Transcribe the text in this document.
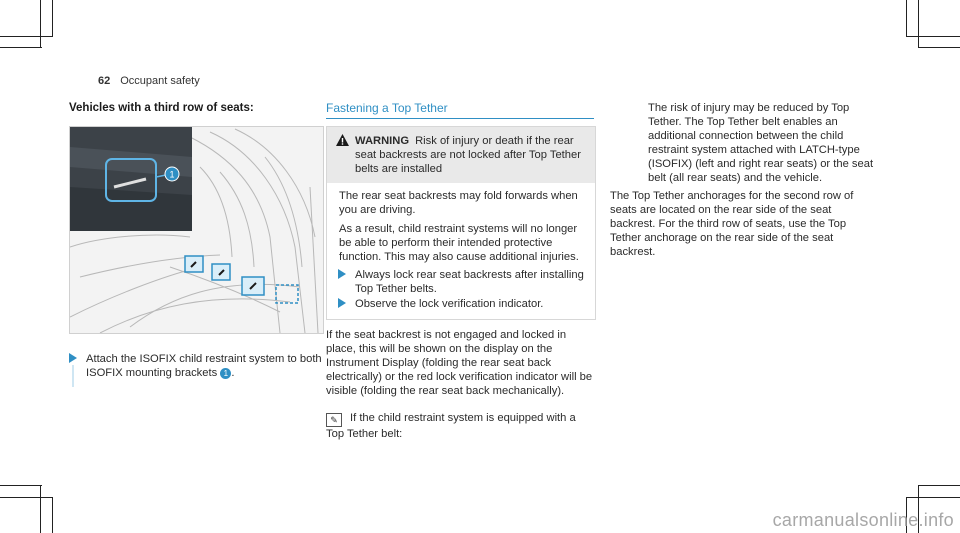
62 Occupant safety
Vehicles with a third row of seats:
1
Attach the ISOFIX child restraint system to both ISOFIX mounting brackets 1 .
Fastening a Top Tether
WARNING Risk of injury or death if the rear seat backrests are not locked after Top Tether belts are installed

The rear seat backrests may fold forwards when you are driving.

As a result, child restraint systems will no longer be able to perform their intended protective function. This may also cause additional injuries.

Always lock rear seat backrests after installing Top Tether belts.
Observe the lock verification indicator.

If the seat backrest is not engaged and locked in place, this will be shown on the display on the Instrument Display (folding the rear seat back electrically) or the red lock verification indicator will be visible (folding the rear seat back mechanically).

✎ If the child restraint system is equipped with a Top Tether belt:

The risk of injury may be reduced by Top Tether. The Top Tether belt enables an additional connection between the child restraint system attached with LATCH-type (ISOFIX) (left and right rear seats) or the seat belt (all rear seats) and the vehicle.

The Top Tether anchorages for the second row of seats are located on the rear side of the seat backrest. For the third row of seats, use the Top Tether anchorage on the rear side of the seat backrest.

carmanualsonline.info
